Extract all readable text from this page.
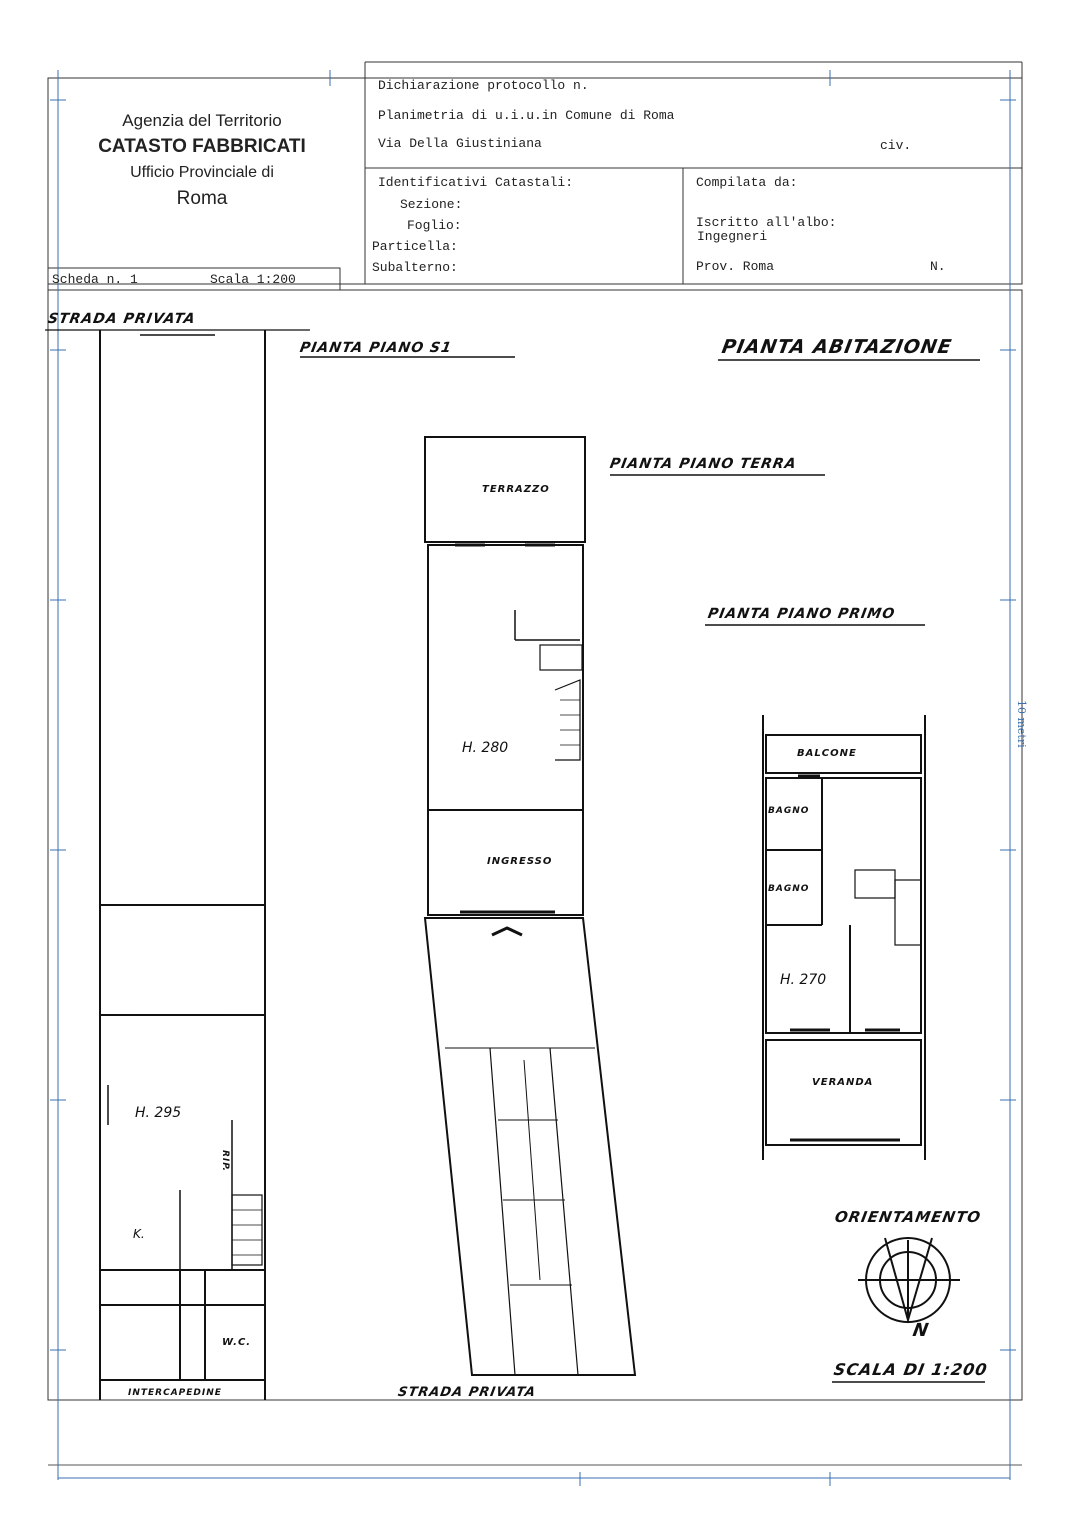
Agenzia del Territorio
CATASTO FABBRICATI
Ufficio Provinciale di
Roma
Dichiarazione protocollo n.
Planimetria di u.i.u.in Comune di Roma
Via Della Giustiniana	civ.
Identificativi Catastali:
Sezione:
Foglio:
Particella:
Subalterno:
Compilata da:
Iscritto all'albo:
Ingegneri
Prov. Roma	N.
Scheda n. 1	Scala 1:200
STRADA PRIVATA
PIANTA PIANO S1	PIANTA ABITAZIONE
PIANTA PIANO TERRA
PIANTA PIANO PRIMO
TERRAZZO
H. 280
INGRESSO
BALCONE
BAGNO
BAGNO
H. 270
VERANDA
H. 295
K.
RIP.
W.C.
INTERCAPEDINE	STRADA PRIVATA
ORIENTAMENTO
N
SCALA DI 1:200
10 metri
